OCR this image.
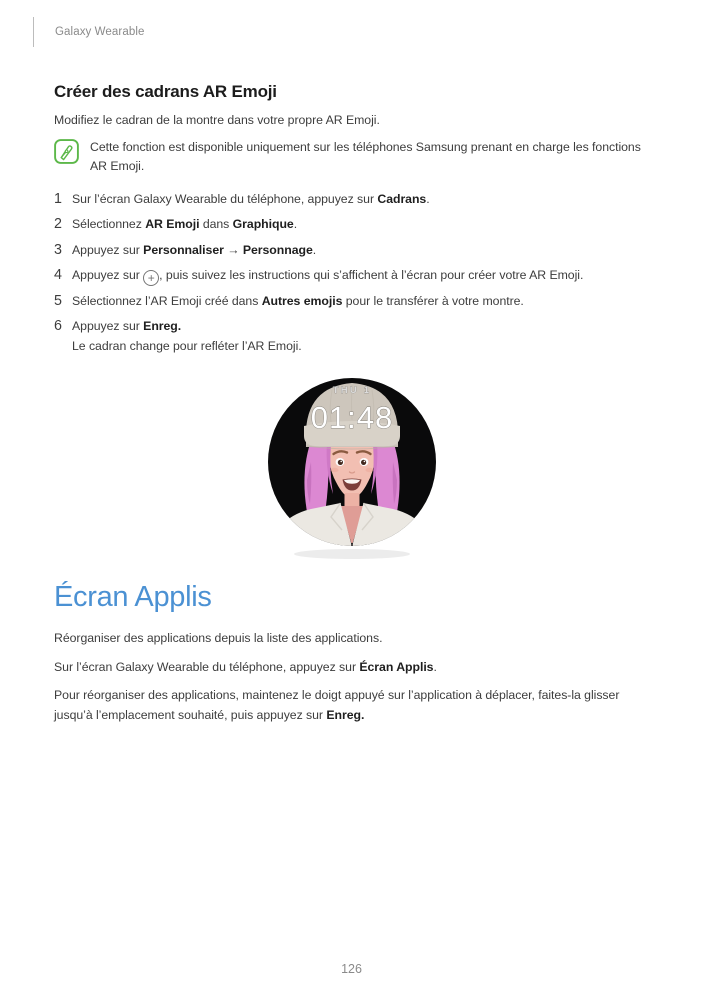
Galaxy Wearable
Créer des cadrans AR Emoji

Modifiez le cadran de la montre dans votre propre AR Emoji.

Cette fonction est disponible uniquement sur les téléphones Samsung prenant en charge les fonctions AR Emoji.

1 Sur l’écran Galaxy Wearable du téléphone, appuyez sur Cadrans.

2 Sélectionnez AR Emoji dans Graphique.

3 Appuyez sur Personnaliser → Personnage.

4 Appuyez sur + , puis suivez les instructions qui s’affichent à l’écran pour créer votre AR Emoji.

5 Sélectionnez l’AR Emoji créé dans Autres emojis pour le transférer à votre montre.

6 Appuyez sur Enreg.

Le cadran change pour refléter l’AR Emoji.

THU 1
01:48
Écran Applis

Réorganiser des applications depuis la liste des applications.

Sur l’écran Galaxy Wearable du téléphone, appuyez sur Écran Applis.

Pour réorganiser des applications, maintenez le doigt appuyé sur l’application à déplacer, faites-la glisser jusqu’à l’emplacement souhaité, puis appuyez sur Enreg.

126
